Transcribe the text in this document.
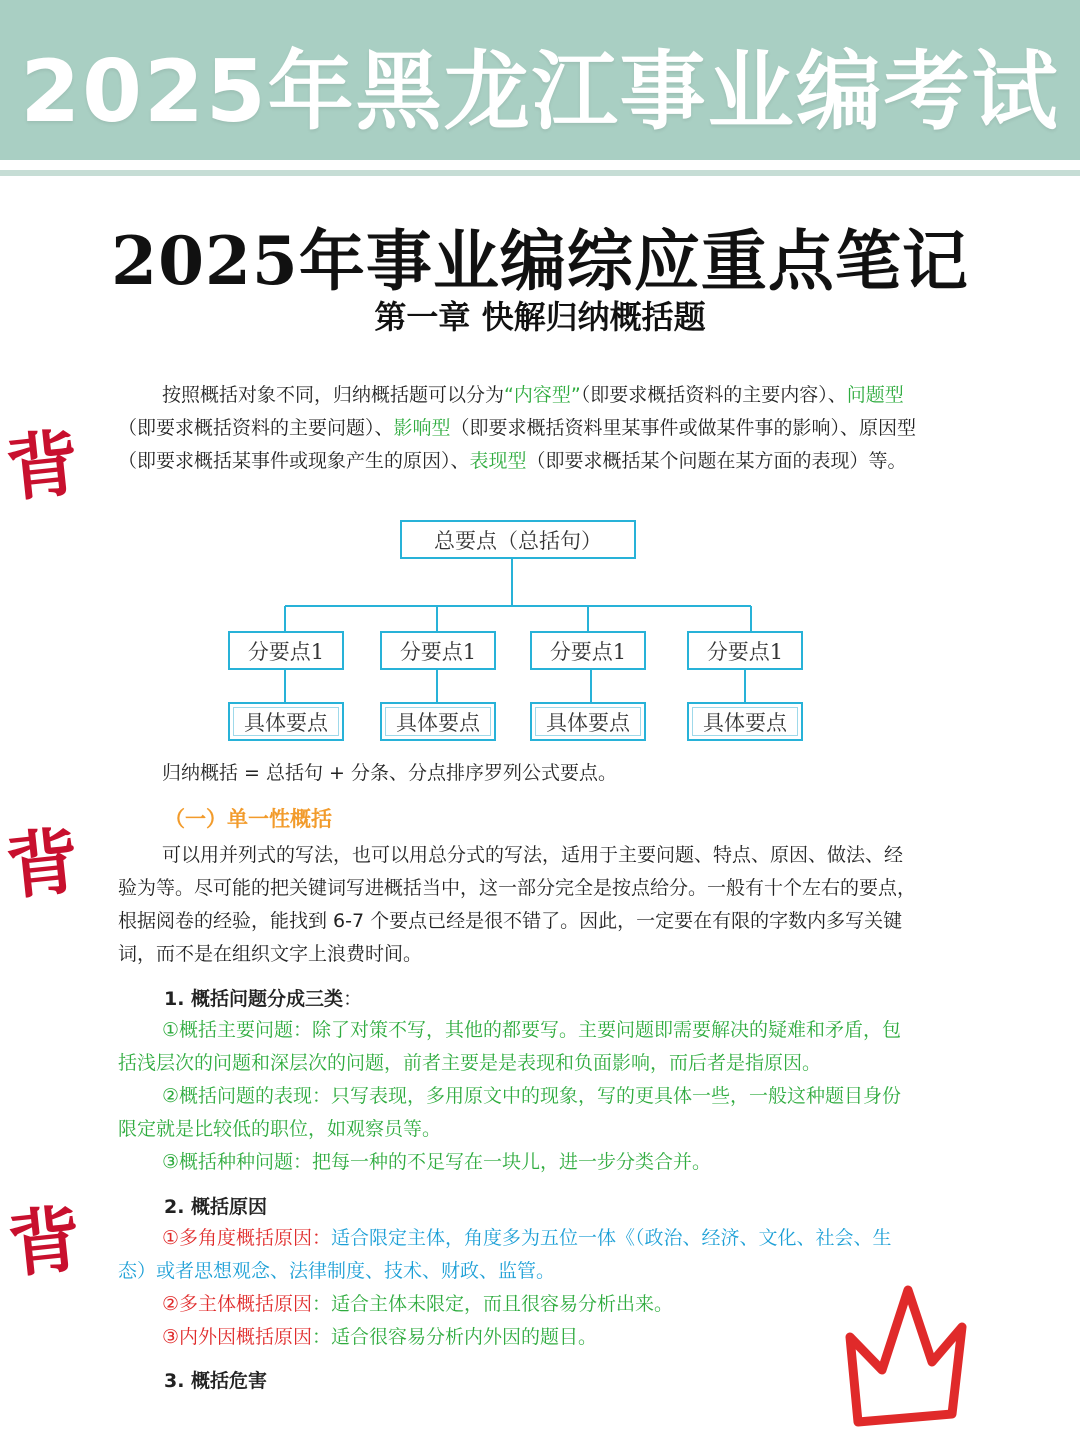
2025年黑龙江事业编考试
2025年事业编综应重点笔记
第一章 快解归纳概括题
按照概括对象不同，归纳概括题可以分为“内容型”（即要求概括资料的主要内容）、问题型（即要求概括资料的主要问题）、影响型（即要求概括资料里某事件或做某件事的影响）、原因型（即要求概括某事件或现象产生的原因）、表现型（即要求概括某个问题在某方面的表现）等。
总要点（总括句）
分要点1	分要点1	分要点1	分要点1
具体要点	具体要点	具体要点	具体要点
归纳概括 = 总括句 + 分条、分点排序罗列公式要点。
（一）单一性概括
可以用并列式的写法，也可以用总分式的写法，适用于主要问题、特点、原因、做法、经验为等。尽可能的把关键词写进概括当中，这一部分完全是按点给分。一般有十个左右的要点，根据阅卷的经验，能找到 6-7 个要点已经是很不错了。因此，一定要在有限的字数内多写关键词，而不是在组织文字上浪费时间。
1. 概括问题分成三类：
①概括主要问题：除了对策不写，其他的都要写。主要问题即需要解决的疑难和矛盾，包括浅层次的问题和深层次的问题，前者主要是是表现和负面影响，而后者是指原因。
②概括问题的表现：只写表现，多用原文中的现象，写的更具体一些，一般这种题目身份限定就是比较低的职位，如观察员等。
③概括种种问题：把每一种的不足写在一块儿，进一步分类合并。
2. 概括原因
①多角度概括原因：适合限定主体，角度多为五位一体《（政治、经济、文化、社会、生态）或者思想观念、法律制度、技术、财政、监管。
②多主体概括原因：适合主体未限定，而且很容易分析出来。
③内外因概括原因：适合很容易分析内外因的题目。
3. 概括危害
背
背
背
